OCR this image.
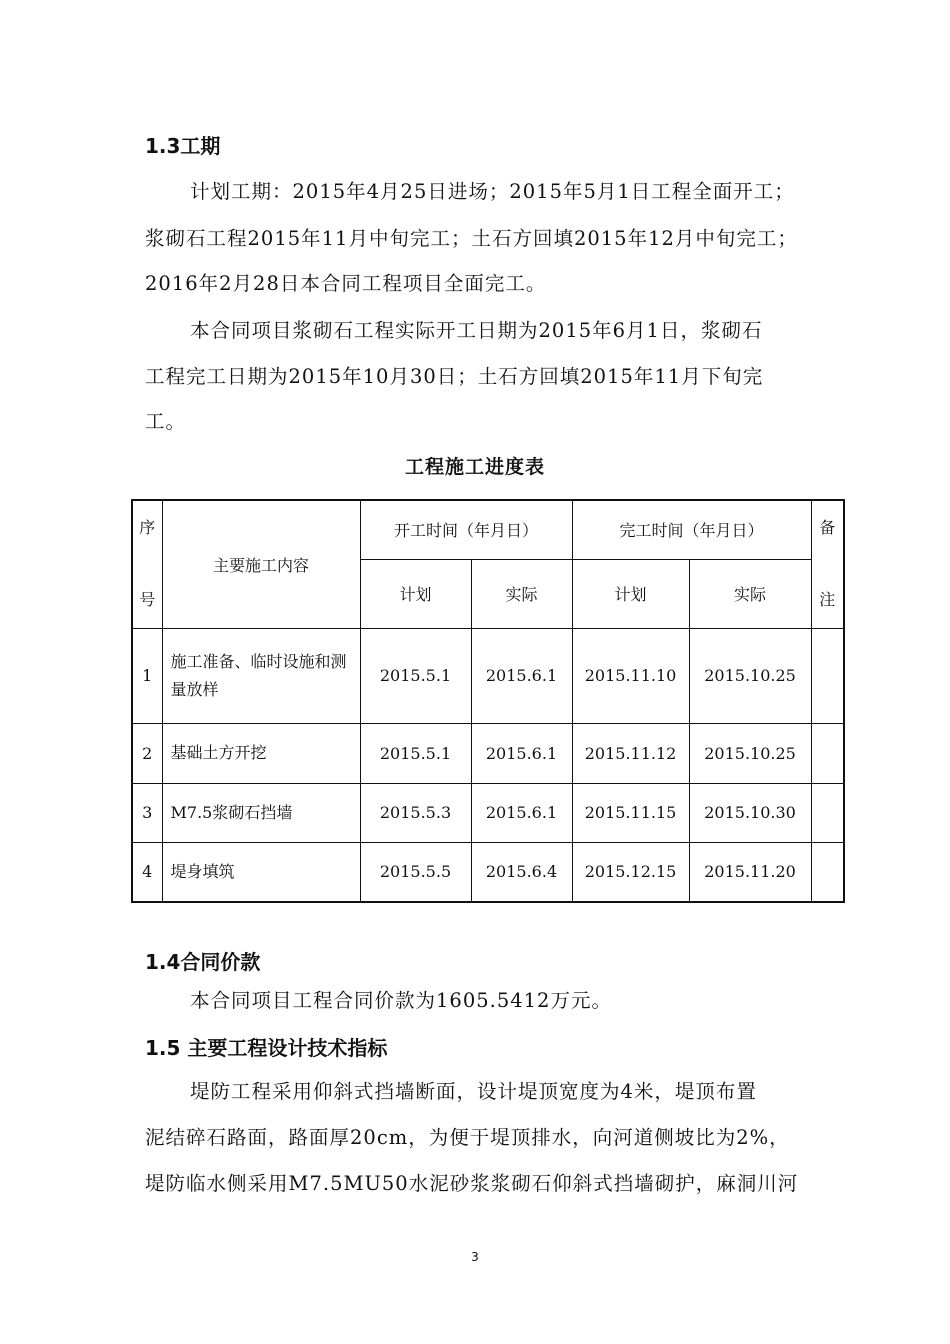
1.3工期
计划工期：2015年4月25日进场；2015年5月1日工程全面开工；
浆砌石工程2015年11月中旬完工；土石方回填2015年12月中旬完工；
2016年2月28日本合同工程项目全面完工。
本合同项目浆砌石工程实际开工日期为2015年6月1日，浆砌石
工程完工日期为2015年10月30日；土石方回填2015年11月下旬完
工。
工程施工进度表
序
号	主要施工内容	开工时间（年月日）		完工时间（年月日）		备
注

		计划	实际	计划	实际	
1	施工准备、临时设施和测量放样	2015.5.1	2015.6.1	2015.11.10	2015.10.25	
2	基础土方开挖	2015.5.1	2015.6.1	2015.11.12	2015.10.25	
3	M7.5浆砌石挡墙	2015.5.3	2015.6.1	2015.11.15	2015.10.30	
4	堤身填筑	2015.5.5	2015.6.4	2015.12.15	2015.11.20	
1.4合同价款
本合同项目工程合同价款为1605.5412万元。
1.5 主要工程设计技术指标
堤防工程采用仰斜式挡墙断面，设计堤顶宽度为4米，堤顶布置
泥结碎石路面，路面厚20cm，为便于堤顶排水，向河道侧坡比为2%，
堤防临水侧采用M7.5MU50水泥砂浆浆砌石仰斜式挡墙砌护，麻洞川河
3
